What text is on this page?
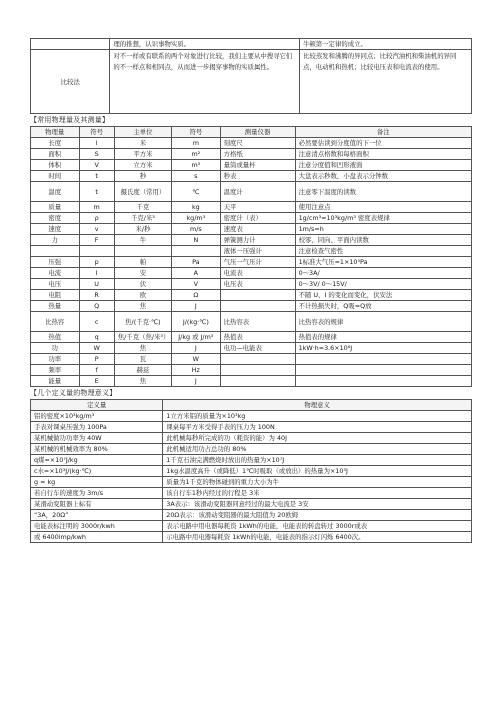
	理的推想，认识事物实质。	牛顿第一定律的成立。
比较法	对不一样或有联系的两个对象进行比较，我们主要从中搜寻它们的不一样点和相同点，从而进一步揭穿事物的实质属性。	比较蒸发和沸腾的异同点；比较汽油机和柴油机的异同点，电动机和热机；比较电压表和电流表的使用。
【常用物理量及其测量】
物理量	符号	主单位	符号	测量仪器	备注
长度	l	米	m	刻度尺	必然要估读到分度值的下一位
面积	S	平方米	m²	方格纸	注意清点格数和每格面积
体积	V	立方米	m³	量筒或量杯	注意分度值和凹形液面
时间	t	秒	s	秒表	大盘表示秒数，小盘表示分钟数
温度	t	摄氏度（常用）	℃	温度计	注意零下温度的读数
质量	m	千克	kg	天平	使用注意点
密度	ρ	千克/米³	kg/m³	密度计（表）	1g/cm³=10³kg/m³ 密度表规律
速度	v	米/秒	m/s	速度表	1m/s=h
力	F	牛	N	弹簧测力计	校零、同向、平面内读数
				液体一压强计	注意检查气密性
压强	p	帕	Pa	气压一气压计	1标准大气压=1×10⁵Pa
电流	I	安	A	电流表	0～3A/
电压	U	伏	V	电压表	0～3V/ 0～15V/
电阻	R	欧	Ω		不随 U、I 的变化而变化，伏安法
热量	Q	焦	J		不计热损失时，Q吸=Q放
比热容	c	焦/(千克·℃)	J/(kg·℃)	比热容表	比热容表的规律
热值	q	焦/千克（焦/米³）	J/kg 或 J/m³	热值表	热值表的规律
功	W	焦	J	电功—电能表	1kW·h=3.6×10⁶J
功率	P	瓦	W		
频率	f	赫兹	Hz		
能量	E	焦	J		
【几个定义量的物理意义】
定义量	物理意义
铝的密度×10³kg/m³	1立方米铝的质量为×10³kg
手表对课桌压强为 100Pa	课桌每平方米受得手表的压力为 100N
某机械做功功率为 40W	此机械每秒所完成的功（耗资的能）为 40J
某机械的机械效率为 80%	此机械适用功占总功的 80%
q煤=×10⁷J/kg	1千克石油完满燃烧时放出的热量为×10⁷J
c水=×10³J/(kg·℃)	1kg水温度高升（或降低）1℃时吸取（或放出）的热量为×10³J
g = kg	质量为1千克的物体碰到的重力大小为牛
若自行车的速度为 3m/s	该自行车1秒内经过的行程是 3米
某滑动变阻器上标有	3A表示：该滑动变阻器同意经过的最大电流是 3安
“3A，20Ω”	20Ω表示：该滑动变阻器的最大阻值为 20欧姆
电能表标注明的 3000r/kwh	表示电路中用电器每耗资 1kWh的电能，电能表的转盘转过 3000r或表
或 6400imp/kwh	示电路中用电器每耗资 1kWh的电能，电能表的指示灯闪烁 6400次。
